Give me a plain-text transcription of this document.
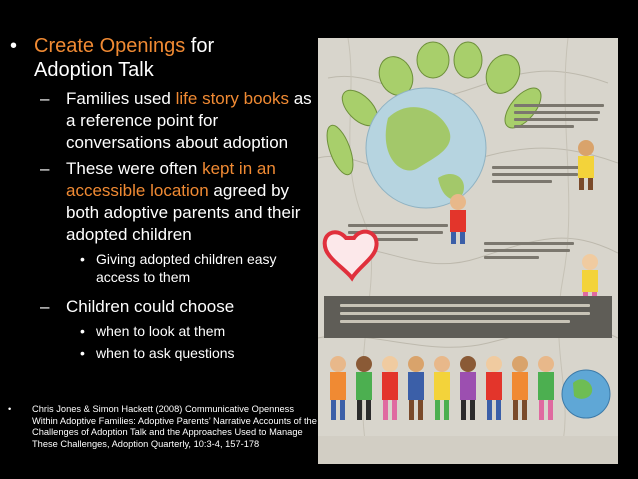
• Create Openings for
Adoption Talk
– Families used life story books as a reference point for conversations about adoption
– These were often kept in an accessible location agreed by both adoptive parents and their adopted children
• Giving adopted children easy access to them
– Children could choose
• when to look at them
• when to ask questions
•	Chris Jones & Simon Hackett (2008) Communicative Openness Within Adoptive Families: Adoptive Parents’ Narrative Accounts of the Challenges of Adoption Talk and the Approaches Used to Manage These Challenges, Adoption Quarterly, 10:3-4, 157-178
